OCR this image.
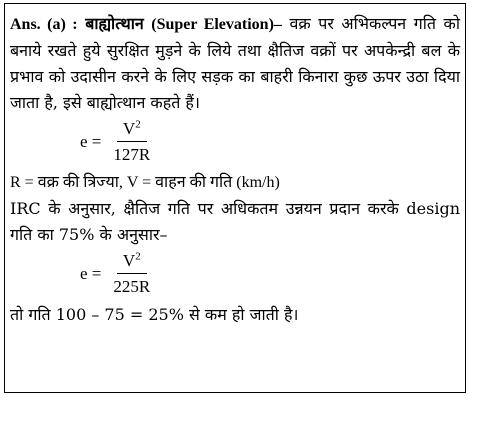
Ans. (a) : बाह्योत्थान (Super Elevation)– वक्र पर अभिकल्पन गति को बनाये रखते हुये सुरक्षित मुड़ने के लिये तथा क्षैतिज वक्रों पर अपकेन्द्री बल के प्रभाव को उदासीन करने के लिए सड़क का बाहरी किनारा कुछ ऊपर उठा दिया जाता है, इसे बाह्योत्थान कहते हैं।

$e = \frac{V^2}{127R}$

R = वक्र की त्रिज्या, V = वाहन की गति (km/h)

IRC के अनुसार, क्षैतिज गति पर अधिकतम उन्नयन प्रदान करके design गति का 75% के अनुसार–

$e = \frac{V^2}{225R}$

तो गति 100 – 75 = 25% से कम हो जाती है।
